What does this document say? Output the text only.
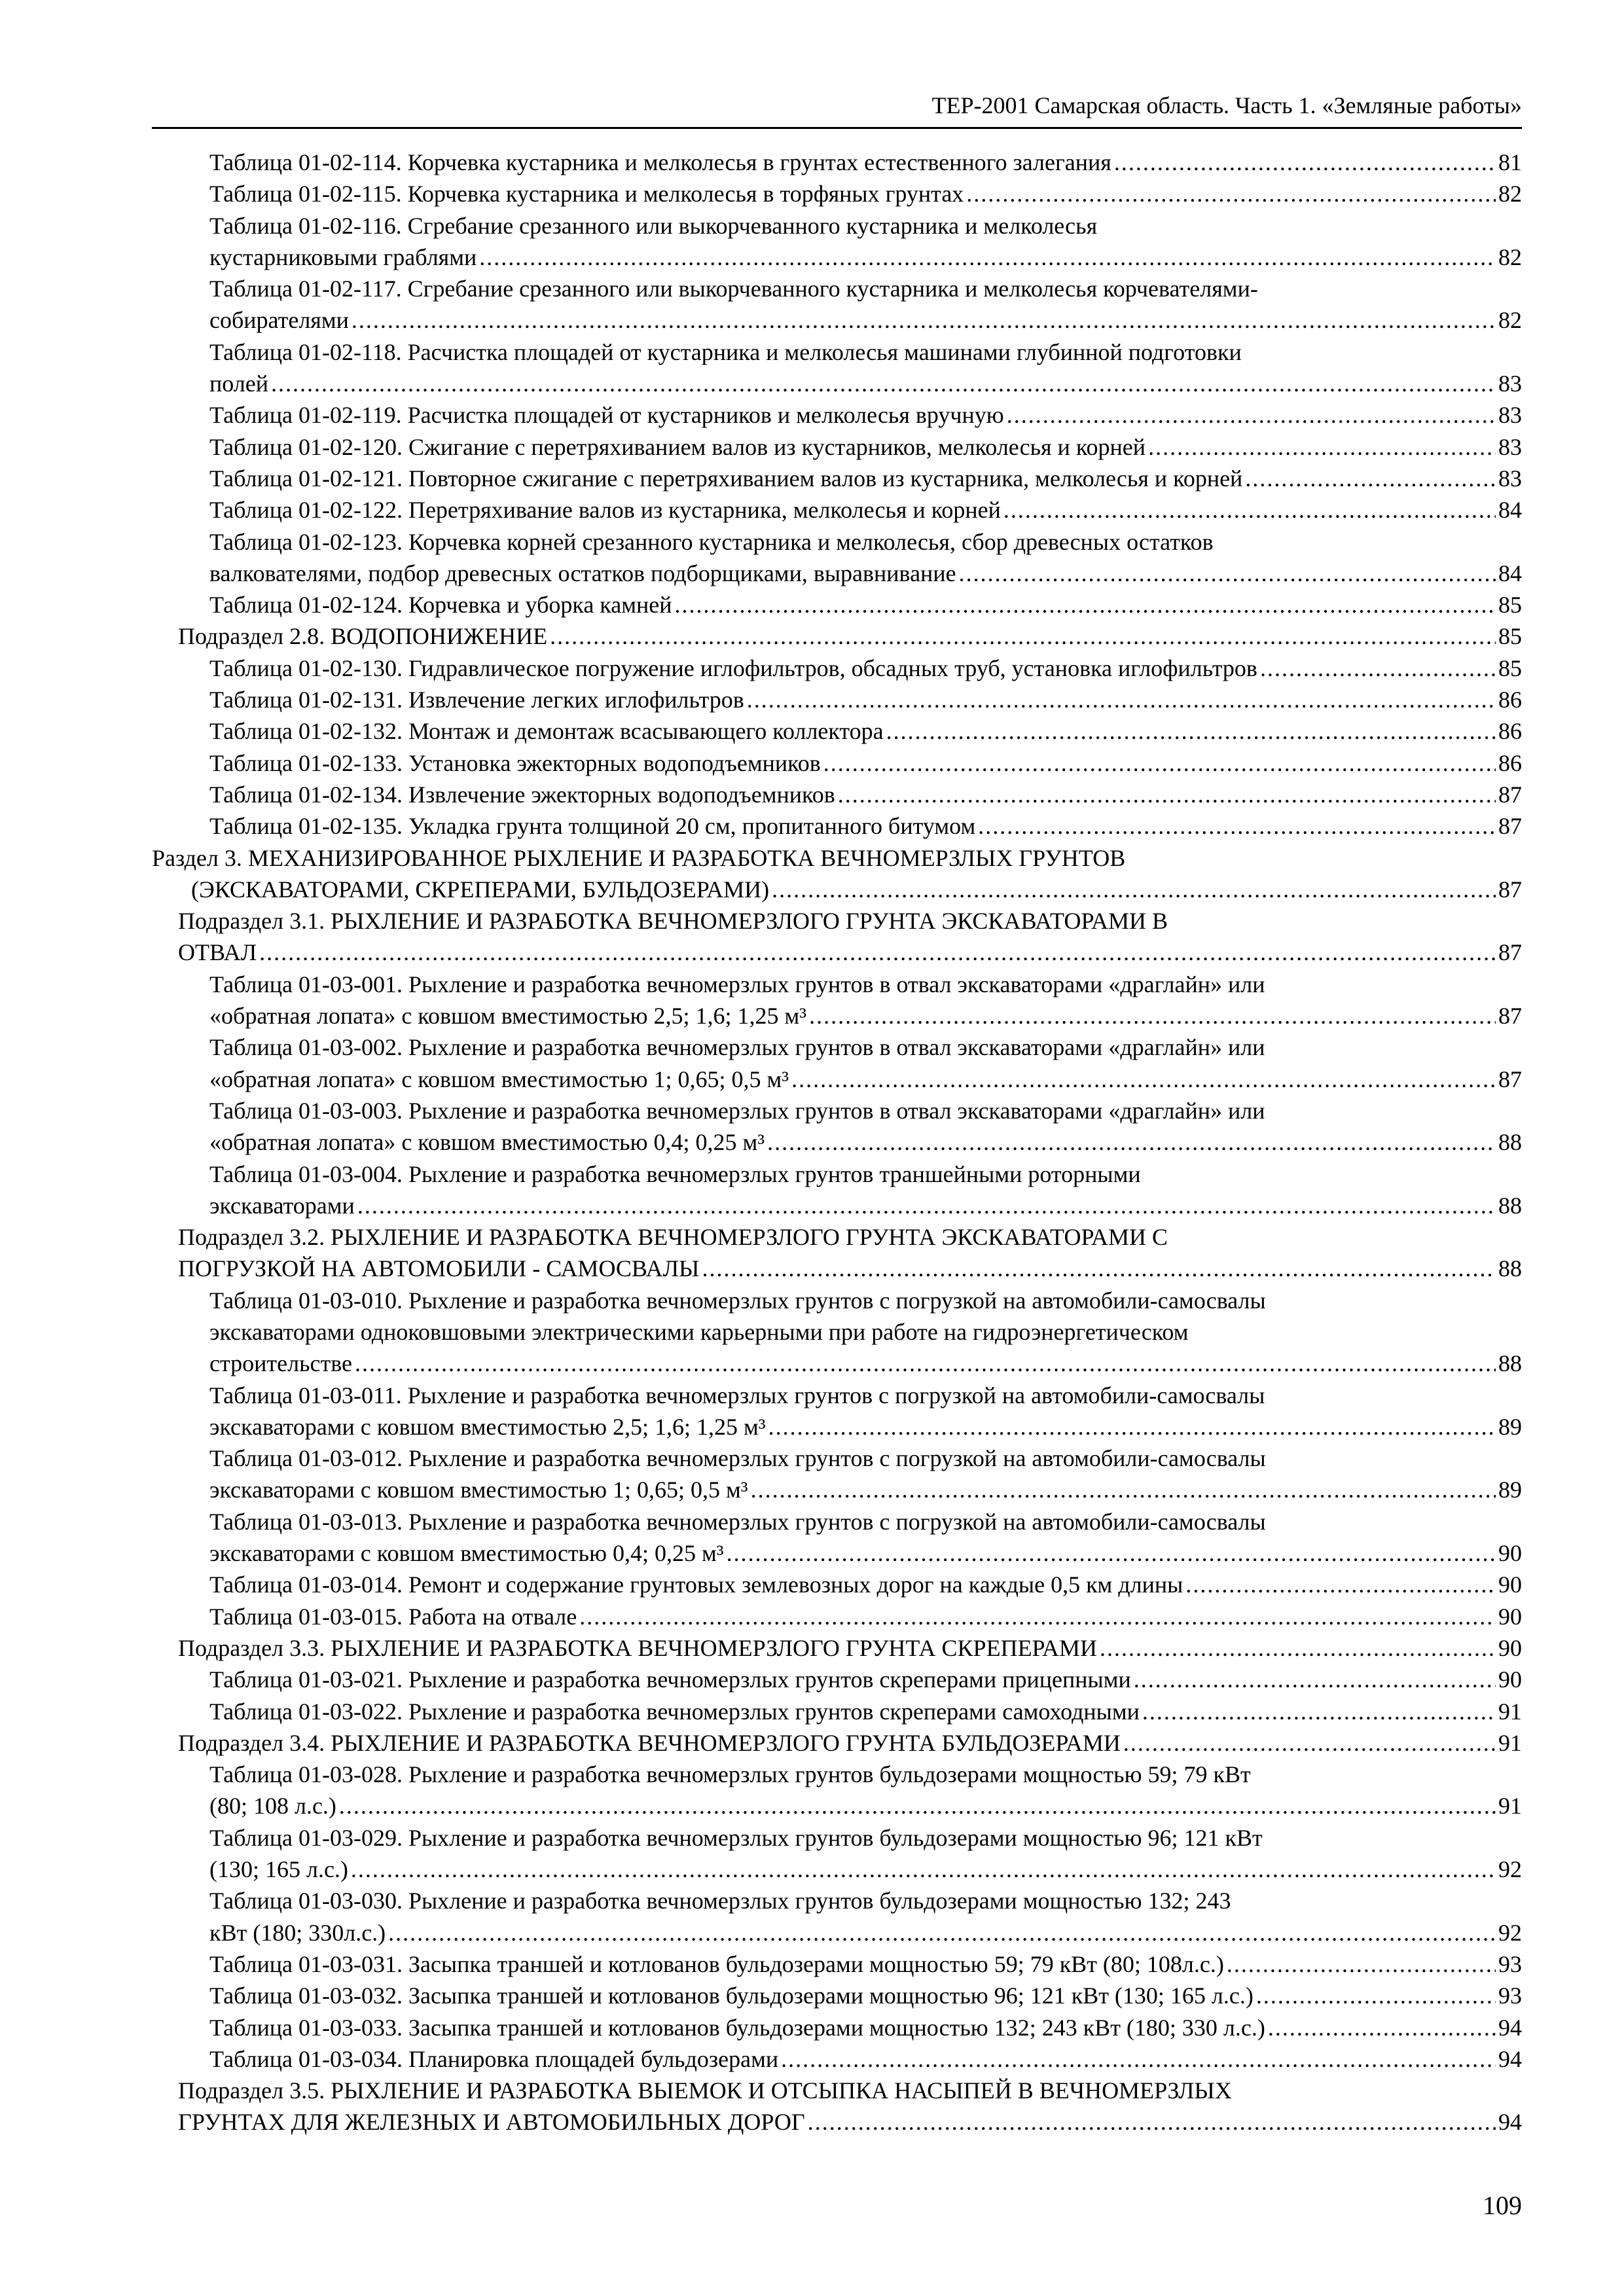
ТЕР-2001 Самарская область. Часть 1. «Земляные работы»
Таблица 01-02-114. Корчевка кустарника и мелколесья в грунтах естественного залегания .....	81
Таблица 01-02-115. Корчевка кустарника и мелколесья в торфяных грунтах .....	82
Таблица 01-02-116. Сгребание срезанного или выкорчеванного кустарника и мелколесья
кустарниковыми граблями .....	82
Таблица 01-02-117. Сгребание срезанного или выкорчеванного кустарника и мелколесья корчевателями-
собирателями .....	82
Таблица 01-02-118. Расчистка площадей от кустарника и мелколесья машинами глубинной подготовки
полей .....	83
Таблица 01-02-119. Расчистка площадей от кустарников и мелколесья вручную .....	83
Таблица 01-02-120. Сжигание с перетряхиванием валов из кустарников, мелколесья и корней .....	83
Таблица 01-02-121. Повторное сжигание с перетряхиванием валов из кустарника, мелколесья и корней .....	83
Таблица 01-02-122. Перетряхивание валов из кустарника, мелколесья и корней .....	84
Таблица 01-02-123. Корчевка корней срезанного кустарника и мелколесья, сбор древесных остатков
валкователями, подбор древесных остатков подборщиками, выравнивание .....	84
Таблица 01-02-124. Корчевка и уборка камней .....	85
Подраздел 2.8. ВОДОПОНИЖЕНИЕ .....	85
Таблица 01-02-130. Гидравлическое погружение иглофильтров, обсадных труб, установка иглофильтров .....	85
Таблица 01-02-131. Извлечение легких иглофильтров .....	86
Таблица 01-02-132. Монтаж и демонтаж всасывающего коллектора .....	86
Таблица 01-02-133. Установка эжекторных водоподъемников .....	86
Таблица 01-02-134. Извлечение эжекторных водоподъемников .....	87
Таблица 01-02-135. Укладка грунта толщиной 20 см, пропитанного битумом .....	87
Раздел 3. МЕХАНИЗИРОВАННОЕ РЫХЛЕНИЕ И РАЗРАБОТКА ВЕЧНОМЕРЗЛЫХ ГРУНТОВ
(ЭКСКАВАТОРАМИ, СКРЕПЕРАМИ, БУЛЬДОЗЕРАМИ) .....	87
Подраздел 3.1. РЫХЛЕНИЕ И РАЗРАБОТКА ВЕЧНОМЕРЗЛОГО ГРУНТА ЭКСКАВАТОРАМИ В
ОТВАЛ .....	87
Таблица 01-03-001. Рыхление и разработка вечномерзлых грунтов в отвал экскаваторами «драглайн» или
«обратная лопата» с ковшом вместимостью 2,5; 1,6; 1,25 м³ .....	87
Таблица 01-03-002. Рыхление и разработка вечномерзлых грунтов в отвал экскаваторами «драглайн» или
«обратная лопата» с ковшом вместимостью 1; 0,65; 0,5 м³ .....	87
Таблица 01-03-003. Рыхление и разработка вечномерзлых грунтов в отвал экскаваторами «драглайн» или
«обратная лопата» с ковшом вместимостью 0,4; 0,25 м³ .....	88
Таблица 01-03-004. Рыхление и разработка вечномерзлых грунтов траншейными роторными
экскаваторами .....	88
Подраздел 3.2. РЫХЛЕНИЕ И РАЗРАБОТКА ВЕЧНОМЕРЗЛОГО ГРУНТА ЭКСКАВАТОРАМИ С
ПОГРУЗКОЙ НА АВТОМОБИЛИ - САМОСВАЛЫ .....	88
Таблица 01-03-010. Рыхление и разработка вечномерзлых грунтов с погрузкой на автомобили-самосвалы
экскаваторами одноковшовыми электрическими карьерными при работе на гидроэнергетическом
строительстве .....	88
Таблица 01-03-011. Рыхление и разработка вечномерзлых грунтов с погрузкой на автомобили-самосвалы
экскаваторами с ковшом вместимостью 2,5; 1,6; 1,25 м³ .....	89
Таблица 01-03-012. Рыхление и разработка вечномерзлых грунтов с погрузкой на автомобили-самосвалы
экскаваторами с ковшом вместимостью 1; 0,65; 0,5 м³ .....	89
Таблица 01-03-013. Рыхление и разработка вечномерзлых грунтов с погрузкой на автомобили-самосвалы
экскаваторами с ковшом вместимостью 0,4; 0,25 м³ .....	90
Таблица 01-03-014. Ремонт и содержание грунтовых землевозных дорог на каждые 0,5 км длины .....	90
Таблица 01-03-015. Работа на отвале .....	90
Подраздел 3.3. РЫХЛЕНИЕ И РАЗРАБОТКА ВЕЧНОМЕРЗЛОГО ГРУНТА СКРЕПЕРАМИ .....	90
Таблица 01-03-021. Рыхление и разработка вечномерзлых грунтов скреперами прицепными .....	90
Таблица 01-03-022. Рыхление и разработка вечномерзлых грунтов скреперами самоходными .....	91
Подраздел 3.4. РЫХЛЕНИЕ И РАЗРАБОТКА ВЕЧНОМЕРЗЛОГО ГРУНТА БУЛЬДОЗЕРАМИ .....	91
Таблица 01-03-028. Рыхление и разработка вечномерзлых грунтов бульдозерами мощностью 59; 79 кВт
(80; 108 л.с.) .....	91
Таблица 01-03-029. Рыхление и разработка вечномерзлых грунтов бульдозерами мощностью 96; 121 кВт
(130; 165 л.с.) .....	92
Таблица 01-03-030. Рыхление и разработка вечномерзлых грунтов бульдозерами мощностью 132; 243
кВт (180; 330л.с.) .....	92
Таблица 01-03-031. Засыпка траншей и котлованов бульдозерами мощностью 59; 79 кВт (80; 108л.с.) .....	93
Таблица 01-03-032. Засыпка траншей и котлованов бульдозерами мощностью 96; 121 кВт (130; 165 л.с.) .....	93
Таблица 01-03-033. Засыпка траншей и котлованов бульдозерами мощностью 132; 243 кВт (180; 330 л.с.) .....	94
Таблица 01-03-034. Планировка площадей бульдозерами .....	94
Подраздел 3.5. РЫХЛЕНИЕ И РАЗРАБОТКА ВЫЕМОК И ОТСЫПКА НАСЫПЕЙ В ВЕЧНОМЕРЗЛЫХ
ГРУНТАХ ДЛЯ ЖЕЛЕЗНЫХ И АВТОМОБИЛЬНЫХ ДОРОГ .....	94
109
